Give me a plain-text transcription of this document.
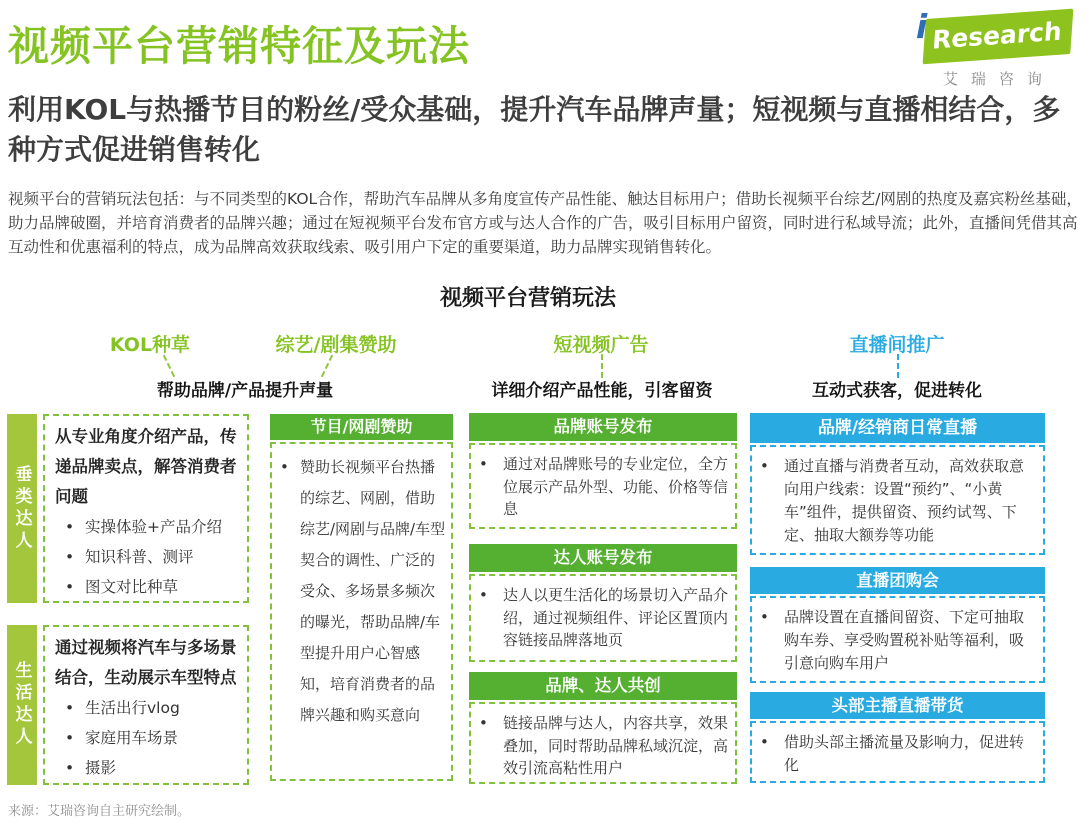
视频平台营销特征及玩法	i Research
艾瑞咨询
利用KOL与热播节目的粉丝/受众基础，提升汽车品牌声量；短视频与直播相结合，多种方式促进销售转化

视频平台的营销玩法包括：与不同类型的KOL合作，帮助汽车品牌从多角度宣传产品性能、触达目标用户；借助长视频平台综艺/网剧的热度及嘉宾粉丝基础，助力品牌破圈，并培育消费者的品牌兴趣；通过在短视频平台发布官方或与达人合作的广告，吸引目标用户留资，同时进行私域导流；此外，直播间凭借其高互动性和优惠福利的特点，成为品牌高效获取线索、吸引用户下定的重要渠道，助力品牌实现销售转化。

视频平台营销玩法
KOL种草	综艺/剧集赞助	短视频广告	直播间推广
帮助品牌/产品提升声量	详细介绍产品性能，引客留资	互动式获客，促进转化
垂类达人
从专业角度介绍产品，传递品牌卖点，解答消费者问题
• 实操体验+产品介绍
• 知识科普、测评
• 图文对比种草
生活达人
通过视频将汽车与多场景结合，生动展示车型特点
• 生活出行vlog
• 家庭用车场景
• 摄影
节目/网剧赞助
• 赞助长视频平台热播的综艺、网剧，借助综艺/网剧与品牌/车型契合的调性、广泛的受众、多场景多频次的曝光，帮助品牌/车型提升用户心智感知，培育消费者的品牌兴趣和购买意向
品牌账号发布
• 通过对品牌账号的专业定位，全方位展示产品外型、功能、价格等信息
达人账号发布
• 达人以更生活化的场景切入产品介绍，通过视频组件、评论区置顶内容链接品牌落地页
品牌、达人共创
• 链接品牌与达人，内容共享，效果叠加，同时帮助品牌私域沉淀，高效引流高粘性用户
品牌/经销商日常直播
• 通过直播与消费者互动，高效获取意向用户线索：设置“预约”、“小黄车”组件，提供留资、预约试驾、下定、抽取大额券等功能
直播团购会
• 品牌设置在直播间留资、下定可抽取购车券、享受购置税补贴等福利，吸引意向购车用户
头部主播直播带货
• 借助头部主播流量及影响力，促进转化
来源：艾瑞咨询自主研究绘制。
